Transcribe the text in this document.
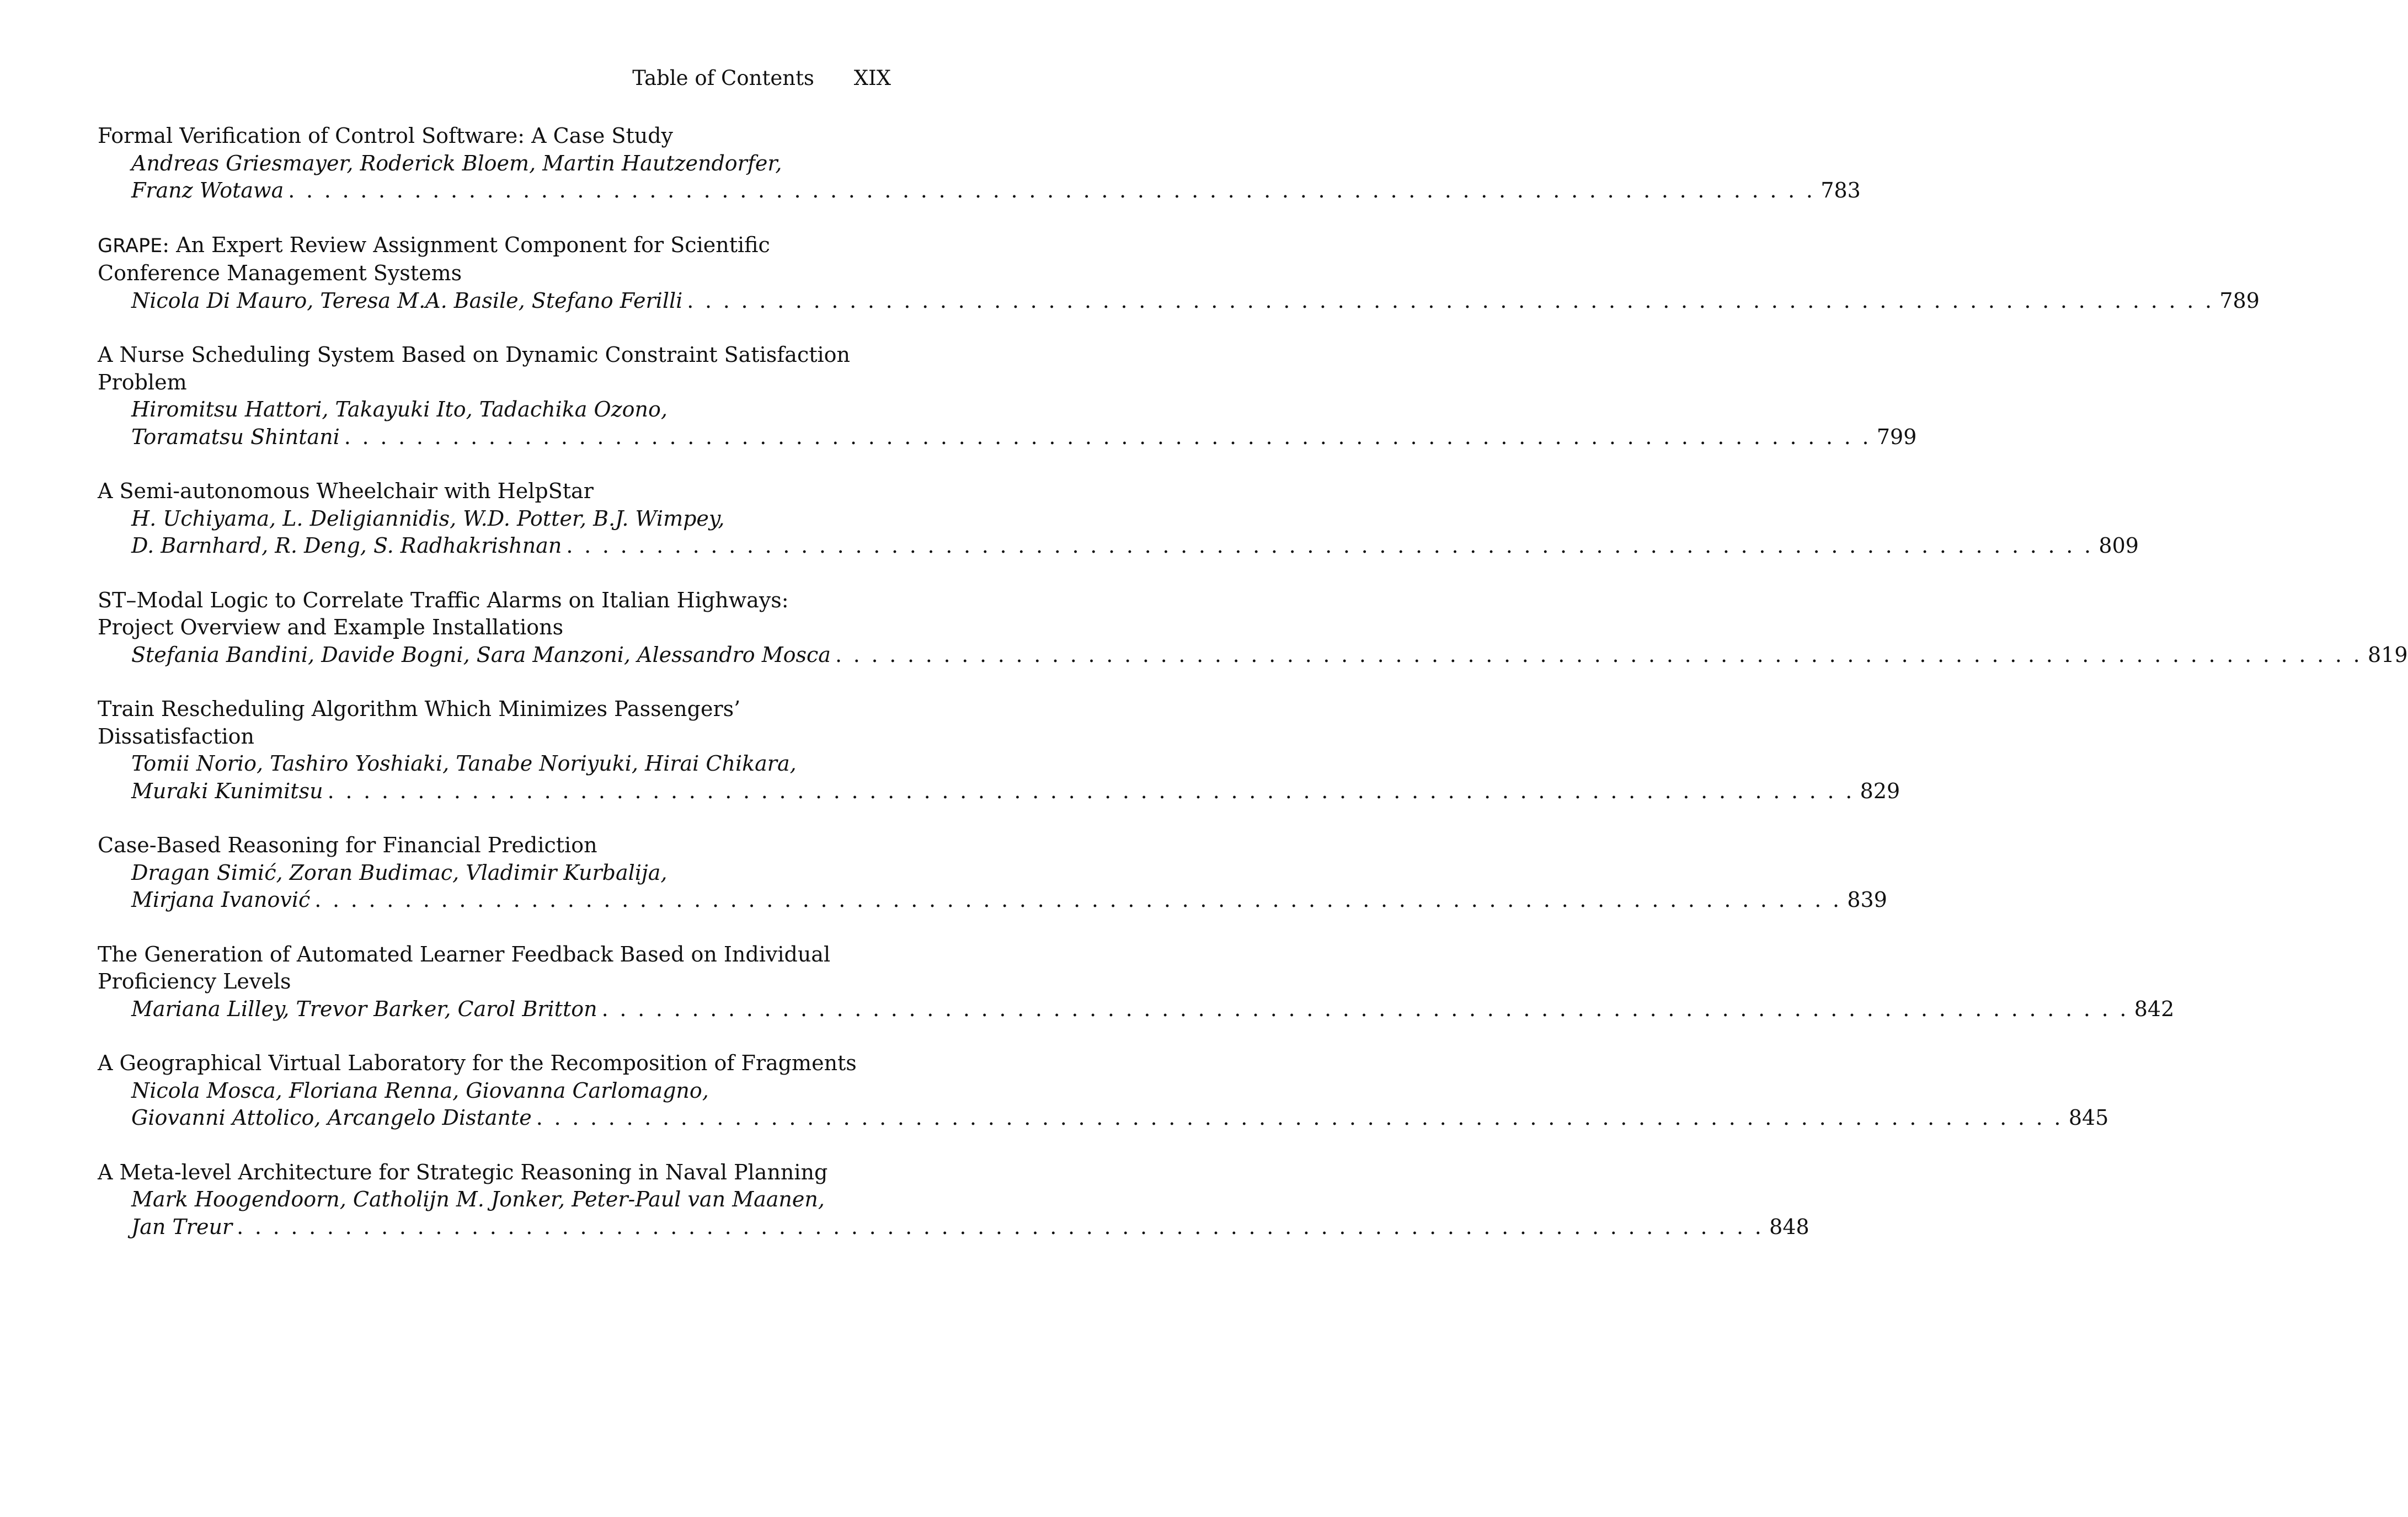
Table of Contents XIX
Formal Verification of Control Software: A Case Study
Andreas Griesmayer, Roderick Bloem, Martin Hautzendorfer,
Franz Wotawa . . . . . . . . . . . . . . . . . . . . . . . . . . . . . . . . . . . . . . . . . . . . . . . . . . . . . . . . . . . . . . . . . . . . . . . . . . . . . . . . . . . . . 783
GRAPE: An Expert Review Assignment Component for Scientific
Conference Management Systems
Nicola Di Mauro, Teresa M.A. Basile, Stefano Ferilli . . . . . . . . . . . . . . . . . . . . . . . . . . . . . . . . . . . . . . . . . . . . . . . . . . . . . . . . . . . . . . . . . . . . . . . . . . . . . . . . . . . . . 789
A Nurse Scheduling System Based on Dynamic Constraint Satisfaction
Problem
Hiromitsu Hattori, Takayuki Ito, Tadachika Ozono,
Toramatsu Shintani . . . . . . . . . . . . . . . . . . . . . . . . . . . . . . . . . . . . . . . . . . . . . . . . . . . . . . . . . . . . . . . . . . . . . . . . . . . . . . . . . . . . . 799
A Semi-autonomous Wheelchair with HelpStar
H. Uchiyama, L. Deligiannidis, W.D. Potter, B.J. Wimpey,
D. Barnhard, R. Deng, S. Radhakrishnan . . . . . . . . . . . . . . . . . . . . . . . . . . . . . . . . . . . . . . . . . . . . . . . . . . . . . . . . . . . . . . . . . . . . . . . . . . . . . . . . . . . . . 809
ST–Modal Logic to Correlate Traffic Alarms on Italian Highways:
Project Overview and Example Installations
Stefania Bandini, Davide Bogni, Sara Manzoni, Alessandro Mosca . . . . . . . . . . . . . . . . . . . . . . . . . . . . . . . . . . . . . . . . . . . . . . . . . . . . . . . . . . . . . . . . . . . . . . . . . . . . . . . . . . . . . 819
Train Rescheduling Algorithm Which Minimizes Passengers’
Dissatisfaction
Tomii Norio, Tashiro Yoshiaki, Tanabe Noriyuki, Hirai Chikara,
Muraki Kunimitsu . . . . . . . . . . . . . . . . . . . . . . . . . . . . . . . . . . . . . . . . . . . . . . . . . . . . . . . . . . . . . . . . . . . . . . . . . . . . . . . . . . . . . 829
Case-Based Reasoning for Financial Prediction
Dragan Simić, Zoran Budimac, Vladimir Kurbalija,
Mirjana Ivanović . . . . . . . . . . . . . . . . . . . . . . . . . . . . . . . . . . . . . . . . . . . . . . . . . . . . . . . . . . . . . . . . . . . . . . . . . . . . . . . . . . . . . 839
The Generation of Automated Learner Feedback Based on Individual
Proficiency Levels
Mariana Lilley, Trevor Barker, Carol Britton . . . . . . . . . . . . . . . . . . . . . . . . . . . . . . . . . . . . . . . . . . . . . . . . . . . . . . . . . . . . . . . . . . . . . . . . . . . . . . . . . . . . . 842
A Geographical Virtual Laboratory for the Recomposition of Fragments
Nicola Mosca, Floriana Renna, Giovanna Carlomagno,
Giovanni Attolico, Arcangelo Distante . . . . . . . . . . . . . . . . . . . . . . . . . . . . . . . . . . . . . . . . . . . . . . . . . . . . . . . . . . . . . . . . . . . . . . . . . . . . . . . . . . . . . 845
A Meta-level Architecture for Strategic Reasoning in Naval Planning
Mark Hoogendoorn, Catholijn M. Jonker, Peter-Paul van Maanen,
Jan Treur . . . . . . . . . . . . . . . . . . . . . . . . . . . . . . . . . . . . . . . . . . . . . . . . . . . . . . . . . . . . . . . . . . . . . . . . . . . . . . . . . . . . . 848
